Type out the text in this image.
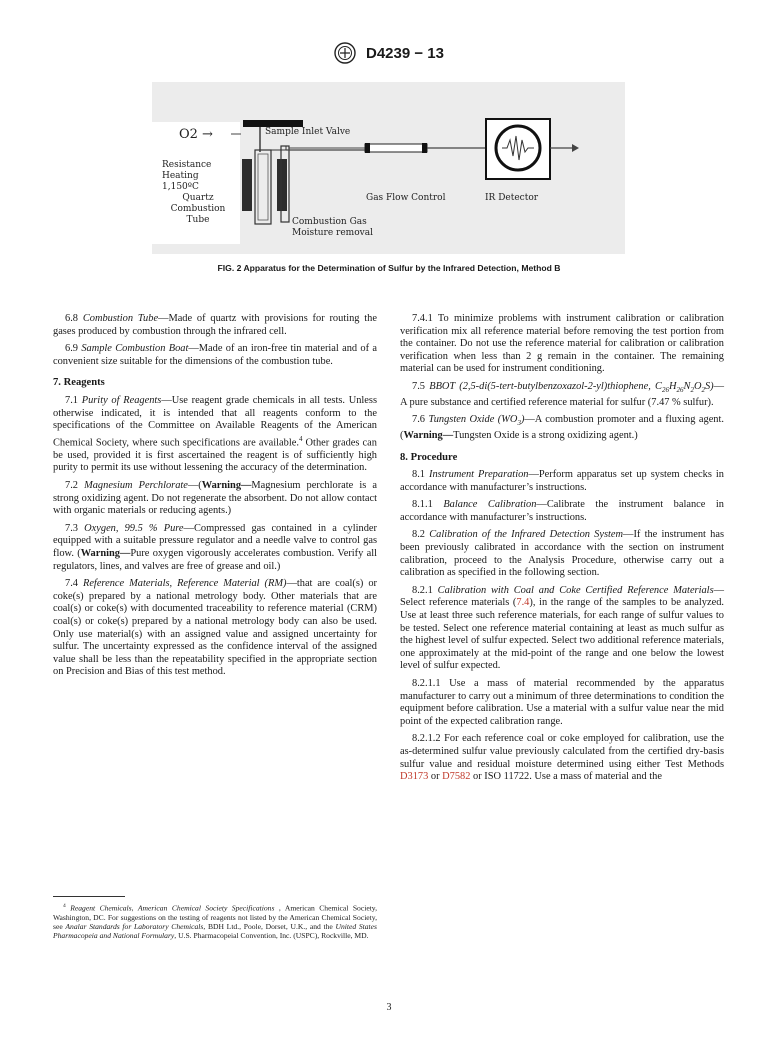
D4239 − 13
O2 →	Sample Inlet Valve
Resistance
Heating
1,150ºC
Quartz
Combustion
Tube	Combustion Gas
Moisture removal
Gas Flow Control	IR Detector
FIG. 2 Apparatus for the Determination of Sulfur by the Infrared Detection, Method B

6.8 Combustion Tube—Made of quartz with provisions for routing the gases produced by combustion through the infrared cell.

6.9 Sample Combustion Boat—Made of an iron-free tin material and of a convenient size suitable for the dimensions of the combustion tube.

7. Reagents

7.1 Purity of Reagents—Use reagent grade chemicals in all tests. Unless otherwise indicated, it is intended that all reagents conform to the specifications of the Committee on Available Reagents of the American Chemical Society, where such specifications are available.$^4$ Other grades can be used, provided it is first ascertained the reagent is of sufficiently high purity to permit its use without lessening the accuracy of the determination.

7.2 Magnesium Perchlorate—(Warning—Magnesium perchlorate is a strong oxidizing agent. Do not regenerate the absorbent. Do not allow contact with organic materials or reducing agents.)

7.3 Oxygen, 99.5 % Pure—Compressed gas contained in a cylinder equipped with a suitable pressure regulator and a needle valve to control gas flow. (Warning—Pure oxygen vigorously accelerates combustion. Verify all regulators, lines, and valves are free of grease and oil.)

7.4 Reference Materials, Reference Material (RM)—that are coal(s) or coke(s) prepared by a national metrology body. Other materials that are coal(s) or coke(s) with documented traceability to reference material (CRM) coal(s) or coke(s) prepared by a national metrology body can also be used. Only use material(s) with an assigned value and assigned uncertainty for sulfur. The uncertainty expressed as the confidence interval of the assigned value shall be less than the repeatability specified in the appropriate section on Precision and Bias of this test method.

$^4$ Reagent Chemicals, American Chemical Society Specifications , American Chemical Society, Washington, DC. For suggestions on the testing of reagents not listed by the American Chemical Society, see Analar Standards for Laboratory Chemicals, BDH Ltd., Poole, Dorset, U.K., and the United States Pharmacopeia and National Formulary, U.S. Pharmacopeial Convention, Inc. (USPC), Rockville, MD.

7.4.1 To minimize problems with instrument calibration or calibration verification mix all reference material before removing the test portion from the container. Do not use the reference material for calibration or calibration verification when less than 2 g remain in the container. The remaining material can be used for instrument conditioning.

7.5 BBOT (2,5-di(5-tert-butylbenzoxazol-2-yl)thiophene, $C_{26}H_{26}N_2O_2S)—A$ pure substance and certified reference material for sulfur (7.47 % sulfur).

7.6 Tungsten Oxide $(WO_3)—A$ combustion promoter and a fluxing agent. (Warning—Tungsten Oxide is a strong oxidizing agent.)

8. Procedure

8.1 Instrument Preparation—Perform apparatus set up system checks in accordance with manufacturer’s instructions.

8.1.1 Balance Calibration—Calibrate the instrument balance in accordance with manufacturer’s instructions.

8.2 Calibration of the Infrared Detection System—If the instrument has been previously calibrated in accordance with the section on instrument calibration, proceed to the Analysis Procedure, otherwise carry out a calibration as specified in the following section.

8.2.1 Calibration with Coal and Coke Certified Reference Materials—Select reference materials (7.4), in the range of the samples to be analyzed. Use at least three such reference materials, for each range of sulfur values to be tested. Select one reference material containing at least as much sulfur as the highest level of sulfur expected. Select two additional reference materials, one approximately at the mid-point of the range and one below the lowest level of sulfur expected.

8.2.1.1 Use a mass of material recommended by the apparatus manufacturer to carry out a minimum of three determinations to condition the equipment before calibration. Use a material with a sulfur value near the mid point of the expected calibration range.

8.2.1.2 For each reference coal or coke employed for calibration, use the as-determined sulfur value previously calculated from the certified dry-basis sulfur value and residual moisture determined using either Test Methods D3173 or D7582 or ISO 11722. Use a mass of material and the

3
